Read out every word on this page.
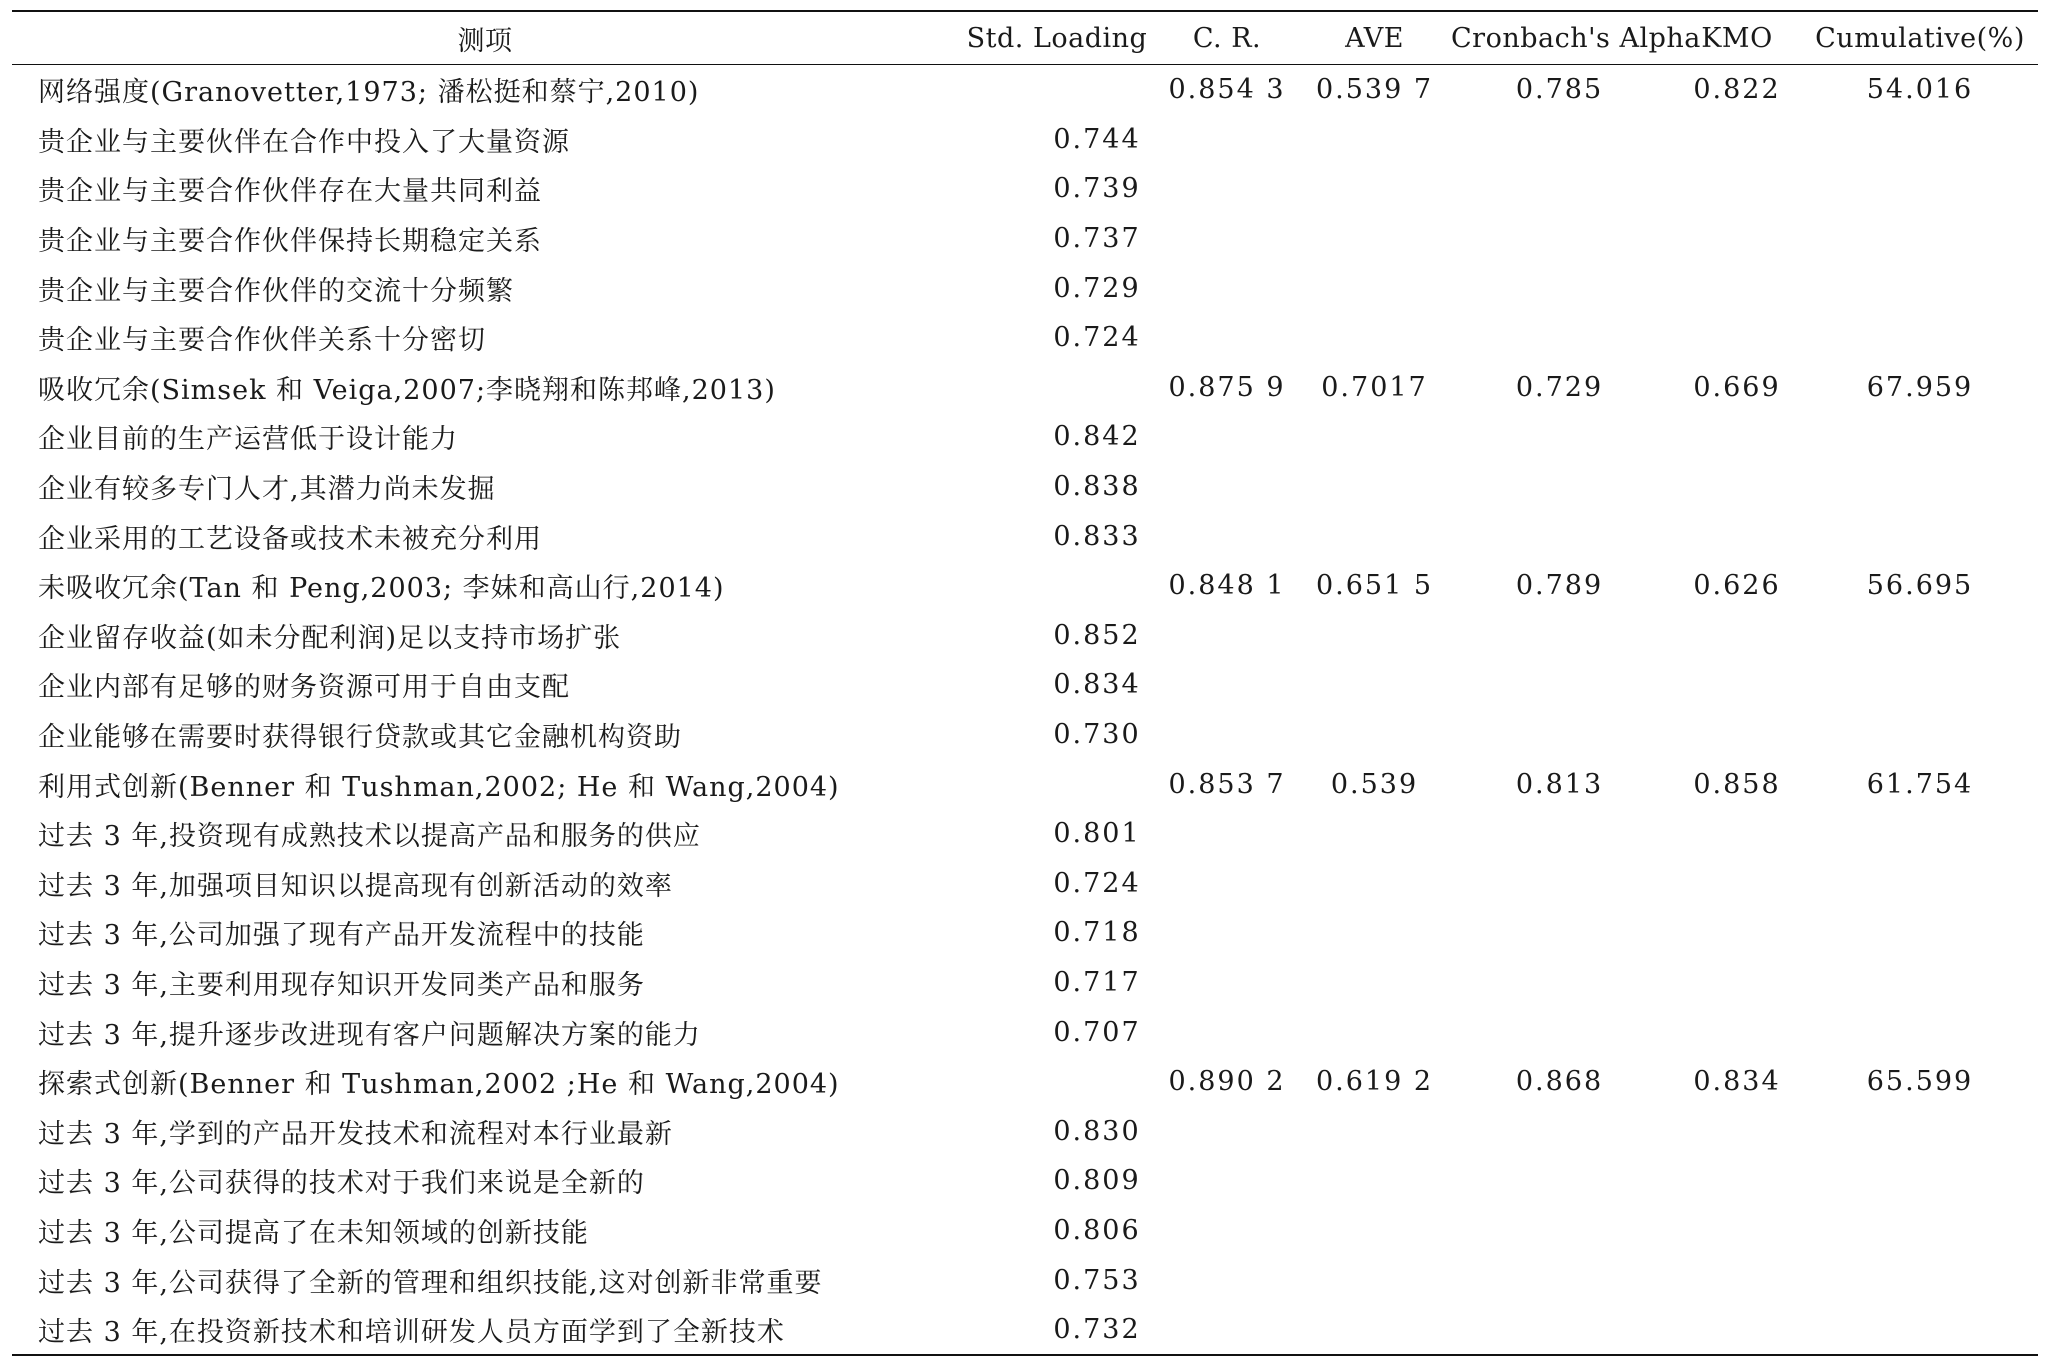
测项	Std. Loading	C. R.	AVE	Cronbach's Alpha	KMO	Cumulative(%)
网络强度(Granovetter,1973; 潘松挺和蔡宁,2010)		0.854 3	0.539 7	0.785	0.822	54.016
贵企业与主要伙伴在合作中投入了大量资源	0.744					
贵企业与主要合作伙伴存在大量共同利益	0.739					
贵企业与主要合作伙伴保持长期稳定关系	0.737					
贵企业与主要合作伙伴的交流十分频繁	0.729					
贵企业与主要合作伙伴关系十分密切	0.724					
吸收冗余(Simsek 和 Veiga,2007;李晓翔和陈邦峰,2013)		0.875 9	0.7017	0.729	0.669	67.959
企业目前的生产运营低于设计能力	0.842					
企业有较多专门人才,其潜力尚未发掘	0.838					
企业采用的工艺设备或技术未被充分利用	0.833					
未吸收冗余(Tan 和 Peng,2003; 李妹和高山行,2014)		0.848 1	0.651 5	0.789	0.626	56.695
企业留存收益(如未分配利润)足以支持市场扩张	0.852					
企业内部有足够的财务资源可用于自由支配	0.834					
企业能够在需要时获得银行贷款或其它金融机构资助	0.730					
利用式创新(Benner 和 Tushman,2002; He 和 Wang,2004)		0.853 7	0.539	0.813	0.858	61.754
过去 3 年,投资现有成熟技术以提高产品和服务的供应	0.801					
过去 3 年,加强项目知识以提高现有创新活动的效率	0.724					
过去 3 年,公司加强了现有产品开发流程中的技能	0.718					
过去 3 年,主要利用现存知识开发同类产品和服务	0.717					
过去 3 年,提升逐步改进现有客户问题解决方案的能力	0.707					
探索式创新(Benner 和 Tushman,2002 ;He 和 Wang,2004)		0.890 2	0.619 2	0.868	0.834	65.599
过去 3 年,学到的产品开发技术和流程对本行业最新	0.830					
过去 3 年,公司获得的技术对于我们来说是全新的	0.809					
过去 3 年,公司提高了在未知领域的创新技能	0.806					
过去 3 年,公司获得了全新的管理和组织技能,这对创新非常重要	0.753					
过去 3 年,在投资新技术和培训研发人员方面学到了全新技术	0.732					
